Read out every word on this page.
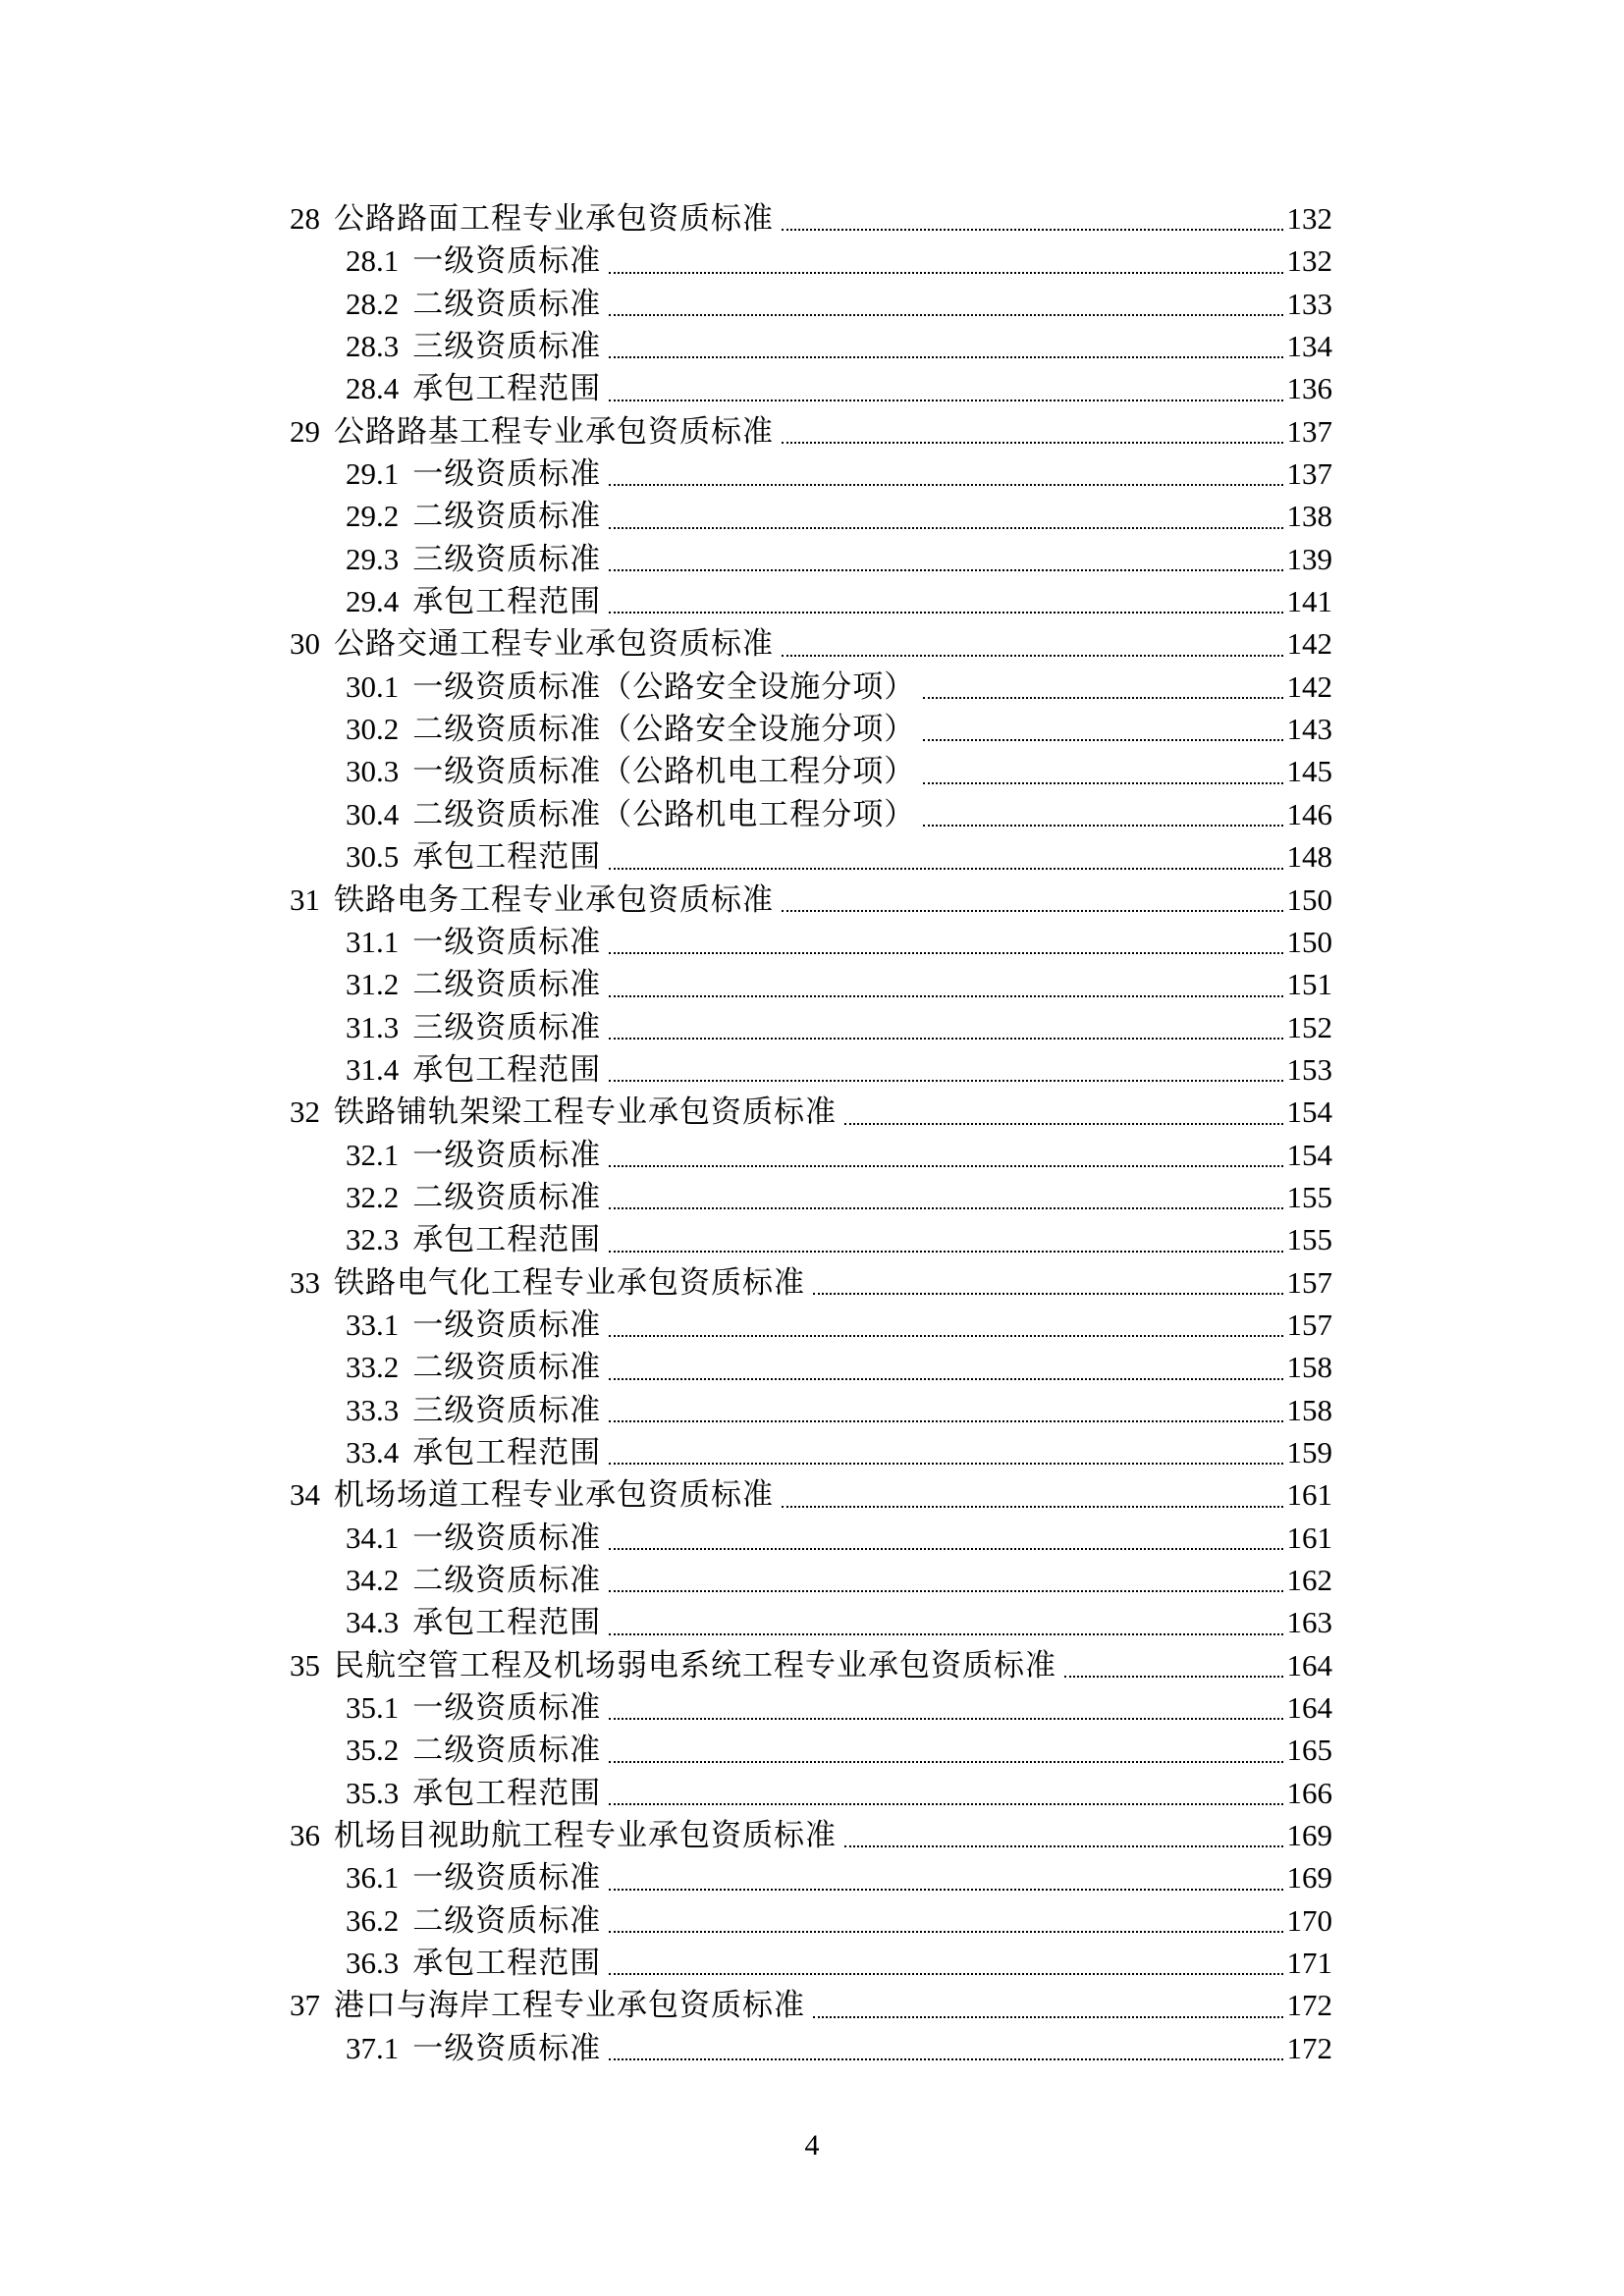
28 公路路面工程专业承包资质标准	132
28.1 一级资质标准	132
28.2 二级资质标准	133
28.3 三级资质标准	134
28.4 承包工程范围	136
29 公路路基工程专业承包资质标准	137
29.1 一级资质标准	137
29.2 二级资质标准	138
29.3 三级资质标准	139
29.4 承包工程范围	141
30 公路交通工程专业承包资质标准	142
30.1 一级资质标准（公路安全设施分项）	142
30.2 二级资质标准（公路安全设施分项）	143
30.3 一级资质标准（公路机电工程分项）	145
30.4 二级资质标准（公路机电工程分项）	146
30.5 承包工程范围	148
31 铁路电务工程专业承包资质标准	150
31.1 一级资质标准	150
31.2 二级资质标准	151
31.3 三级资质标准	152
31.4 承包工程范围	153
32 铁路铺轨架梁工程专业承包资质标准	154
32.1 一级资质标准	154
32.2 二级资质标准	155
32.3 承包工程范围	155
33 铁路电气化工程专业承包资质标准	157
33.1 一级资质标准	157
33.2 二级资质标准	158
33.3 三级资质标准	158
33.4 承包工程范围	159
34 机场场道工程专业承包资质标准	161
34.1 一级资质标准	161
34.2 二级资质标准	162
34.3 承包工程范围	163
35 民航空管工程及机场弱电系统工程专业承包资质标准	164
35.1 一级资质标准	164
35.2 二级资质标准	165
35.3 承包工程范围	166
36 机场目视助航工程专业承包资质标准	169
36.1 一级资质标准	169
36.2 二级资质标准	170
36.3 承包工程范围	171
37 港口与海岸工程专业承包资质标准	172
37.1 一级资质标准	172
4
